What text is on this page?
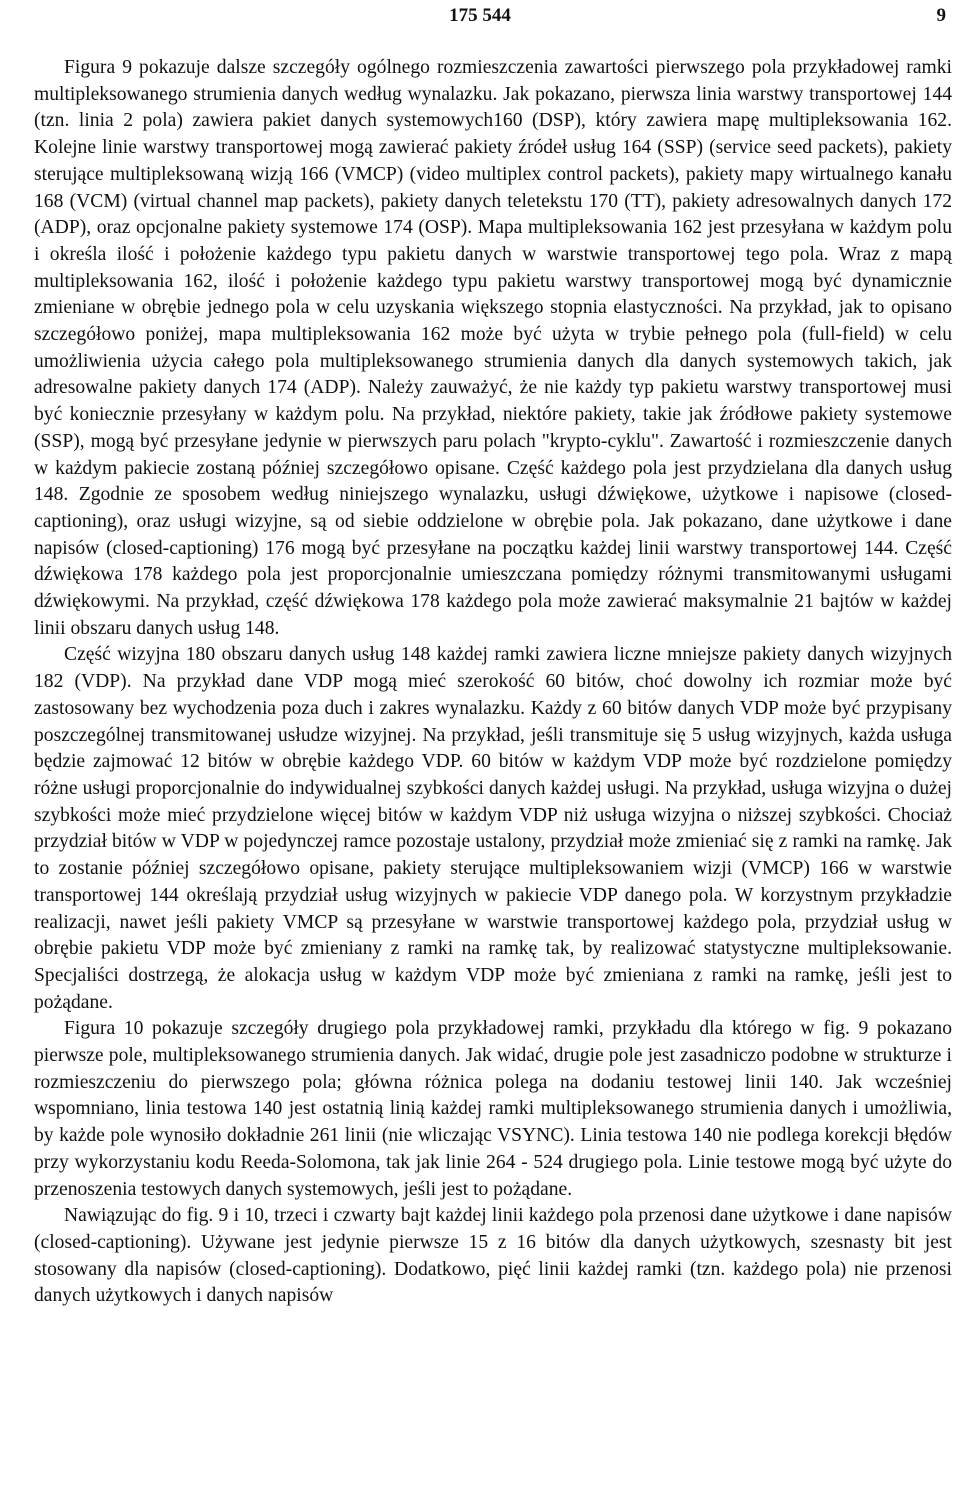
175 544	9

Figura 9 pokazuje dalsze szczegóły ogólnego rozmieszczenia zawartości pierwszego pola przykładowej ramki multipleksowanego strumienia danych według wynalazku. Jak pokazano, pierwsza linia warstwy transportowej 144 (tzn. linia 2 pola) zawiera pakiet danych systemowych160 (DSP), który zawiera mapę multipleksowania 162. Kolejne linie warstwy transportowej mogą zawierać pakiety źródeł usług 164 (SSP) (service seed packets), pakiety sterujące multipleksowaną wizją 166 (VMCP) (video multiplex control packets), pakiety mapy wirtualnego kanału 168 (VCM) (virtual channel map packets), pakiety danych teletekstu 170 (TT), pakiety adresowalnych danych 172 (ADP), oraz opcjonalne pakiety systemowe 174 (OSP). Mapa multipleksowania 162 jest przesyłana w każdym polu i określa ilość i położenie każdego typu pakietu danych w warstwie transportowej tego pola. Wraz z mapą multipleksowania 162, ilość i położenie każdego typu pakietu warstwy transportowej mogą być dynamicznie zmieniane w obrębie jednego pola w celu uzyskania większego stopnia elastyczności. Na przykład, jak to opisano szczegółowo poniżej, mapa multipleksowania 162 może być użyta w trybie pełnego pola (full-field) w celu umożliwienia użycia całego pola multipleksowanego strumienia danych dla danych systemowych takich, jak adresowalne pakiety danych 174 (ADP). Należy zauważyć, że nie każdy typ pakietu warstwy transportowej musi być koniecznie przesyłany w każdym polu. Na przykład, niektóre pakiety, takie jak źródłowe pakiety systemowe (SSP), mogą być przesyłane jedynie w pierwszych paru polach "krypto-cyklu". Zawartość i rozmieszczenie danych w każdym pakiecie zostaną później szczegółowo opisane. Część każdego pola jest przydzielana dla danych usług 148. Zgodnie ze sposobem według niniejszego wynalazku, usługi dźwiękowe, użytkowe i napisowe (closed-captioning), oraz usługi wizyjne, są od siebie oddzielone w obrębie pola. Jak pokazano, dane użytkowe i dane napisów (closed-captioning) 176 mogą być przesyłane na początku każdej linii warstwy transportowej 144. Część dźwiękowa 178 każdego pola jest proporcjonalnie umieszczana pomiędzy różnymi transmitowanymi usługami dźwiękowymi. Na przykład, część dźwiękowa 178 każdego pola może zawierać maksymalnie 21 bajtów w każdej linii obszaru danych usług 148.

Część wizyjna 180 obszaru danych usług 148 każdej ramki zawiera liczne mniejsze pakiety danych wizyjnych 182 (VDP). Na przykład dane VDP mogą mieć szerokość 60 bitów, choć dowolny ich rozmiar może być zastosowany bez wychodzenia poza duch i zakres wynalazku. Każdy z 60 bitów danych VDP może być przypisany poszczególnej transmitowanej usłudze wizyjnej. Na przykład, jeśli transmituje się 5 usług wizyjnych, każda usługa będzie zajmować 12 bitów w obrębie każdego VDP. 60 bitów w każdym VDP może być rozdzielone pomiędzy różne usługi proporcjonalnie do indywidualnej szybkości danych każdej usługi. Na przykład, usługa wizyjna o dużej szybkości może mieć przydzielone więcej bitów w każdym VDP niż usługa wizyjna o niższej szybkości. Chociaż przydział bitów w VDP w pojedynczej ramce pozostaje ustalony, przydział może zmieniać się z ramki na ramkę. Jak to zostanie później szczegółowo opisane, pakiety sterujące multipleksowaniem wizji (VMCP) 166 w warstwie transportowej 144 określają przydział usług wizyjnych w pakiecie VDP danego pola. W korzystnym przykładzie realizacji, nawet jeśli pakiety VMCP są przesyłane w warstwie transportowej każdego pola, przydział usług w obrębie pakietu VDP może być zmieniany z ramki na ramkę tak, by realizować statystyczne multipleksowanie. Specjaliści dostrzegą, że alokacja usług w każdym VDP może być zmieniana z ramki na ramkę, jeśli jest to pożądane.

Figura 10 pokazuje szczegóły drugiego pola przykładowej ramki, przykładu dla którego w fig. 9 pokazano pierwsze pole, multipleksowanego strumienia danych. Jak widać, drugie pole jest zasadniczo podobne w strukturze i rozmieszczeniu do pierwszego pola; główna różnica polega na dodaniu testowej linii 140. Jak wcześniej wspomniano, linia testowa 140 jest ostatnią linią każdej ramki multipleksowanego strumienia danych i umożliwia, by każde pole wynosiło dokładnie 261 linii (nie wliczając VSYNC). Linia testowa 140 nie podlega korekcji błędów przy wykorzystaniu kodu Reeda-Solomona, tak jak linie 264 - 524 drugiego pola. Linie testowe mogą być użyte do przenoszenia testowych danych systemowych, jeśli jest to pożądane.

Nawiązując do fig. 9 i 10, trzeci i czwarty bajt każdej linii każdego pola przenosi dane użytkowe i dane napisów (closed-captioning). Używane jest jedynie pierwsze 15 z 16 bitów dla danych użytkowych, szesnasty bit jest stosowany dla napisów (closed-captioning). Dodatkowo, pięć linii każdej ramki (tzn. każdego pola) nie przenosi danych użytkowych i danych napisów
